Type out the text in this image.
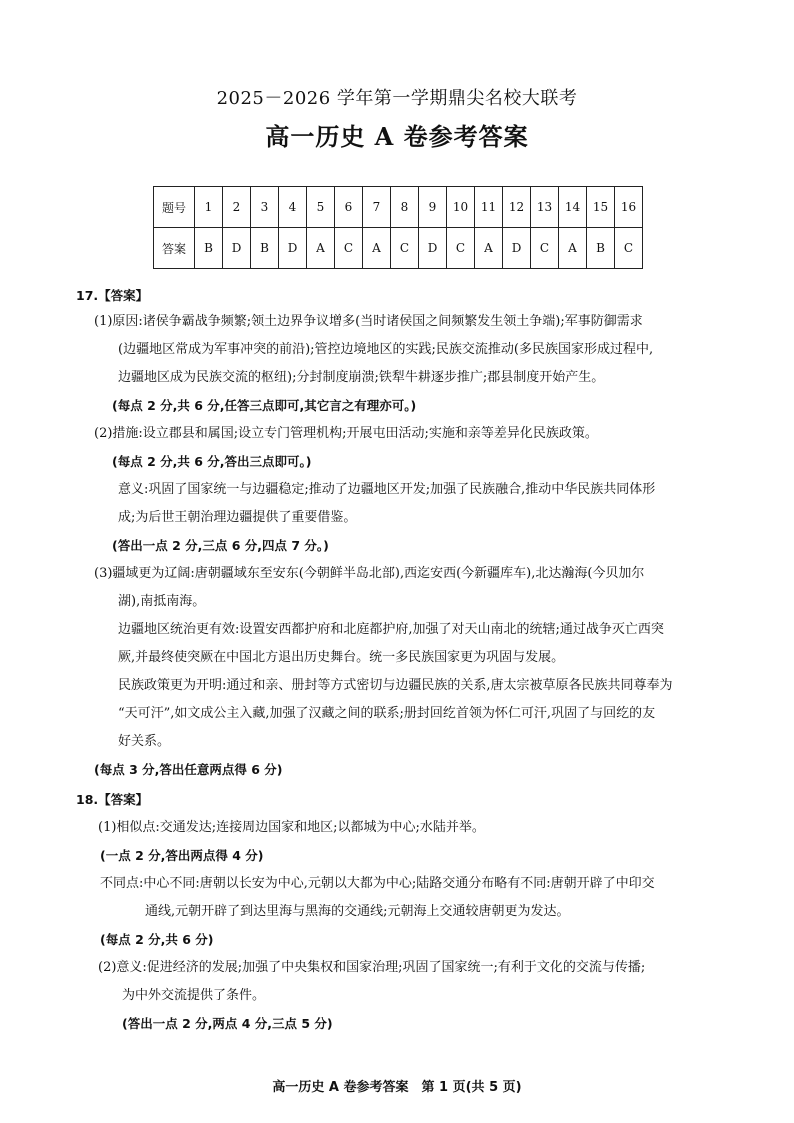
2025－2026 学年第一学期鼎尖名校大联考
高一历史 A 卷参考答案
题号	1	2	3	4	5	6	7	8	9	10	11	12	13	14	15	16
答案	B	D	B	D	A	C	A	C	D	C	A	D	C	A	B	C
17.【答案】
(1)原因:诸侯争霸战争频繁;领土边界争议增多(当时诸侯国之间频繁发生领土争端);军事防御需求
(边疆地区常成为军事冲突的前沿);管控边境地区的实践;民族交流推动(多民族国家形成过程中,
边疆地区成为民族交流的枢纽);分封制度崩溃;铁犁牛耕逐步推广;郡县制度开始产生。
(每点 2 分,共 6 分,任答三点即可,其它言之有理亦可。)
(2)措施:设立郡县和属国;设立专门管理机构;开展屯田活动;实施和亲等差异化民族政策。
(每点 2 分,共 6 分,答出三点即可。)
意义:巩固了国家统一与边疆稳定;推动了边疆地区开发;加强了民族融合,推动中华民族共同体形
成;为后世王朝治理边疆提供了重要借鉴。
(答出一点 2 分,三点 6 分,四点 7 分。)
(3)疆域更为辽阔:唐朝疆域东至安东(今朝鲜半岛北部),西迄安西(今新疆库车),北达瀚海(今贝加尔
湖),南抵南海。
边疆地区统治更有效:设置安西都护府和北庭都护府,加强了对天山南北的统辖;通过战争灭亡西突
厥,并最终使突厥在中国北方退出历史舞台。统一多民族国家更为巩固与发展。
民族政策更为开明:通过和亲、册封等方式密切与边疆民族的关系,唐太宗被草原各民族共同尊奉为
“天可汗”,如文成公主入藏,加强了汉藏之间的联系;册封回纥首领为怀仁可汗,巩固了与回纥的友
好关系。
(每点 3 分,答出任意两点得 6 分)
18.【答案】
(1)相似点:交通发达;连接周边国家和地区;以都城为中心;水陆并举。
(一点 2 分,答出两点得 4 分)
不同点:中心不同:唐朝以长安为中心,元朝以大都为中心;陆路交通分布略有不同:唐朝开辟了中印交
通线,元朝开辟了到达里海与黑海的交通线;元朝海上交通较唐朝更为发达。
(每点 2 分,共 6 分)
(2)意义:促进经济的发展;加强了中央集权和国家治理;巩固了国家统一;有利于文化的交流与传播;
为中外交流提供了条件。
(答出一点 2 分,两点 4 分,三点 5 分)
高一历史 A 卷参考答案　第 1 页(共 5 页)
